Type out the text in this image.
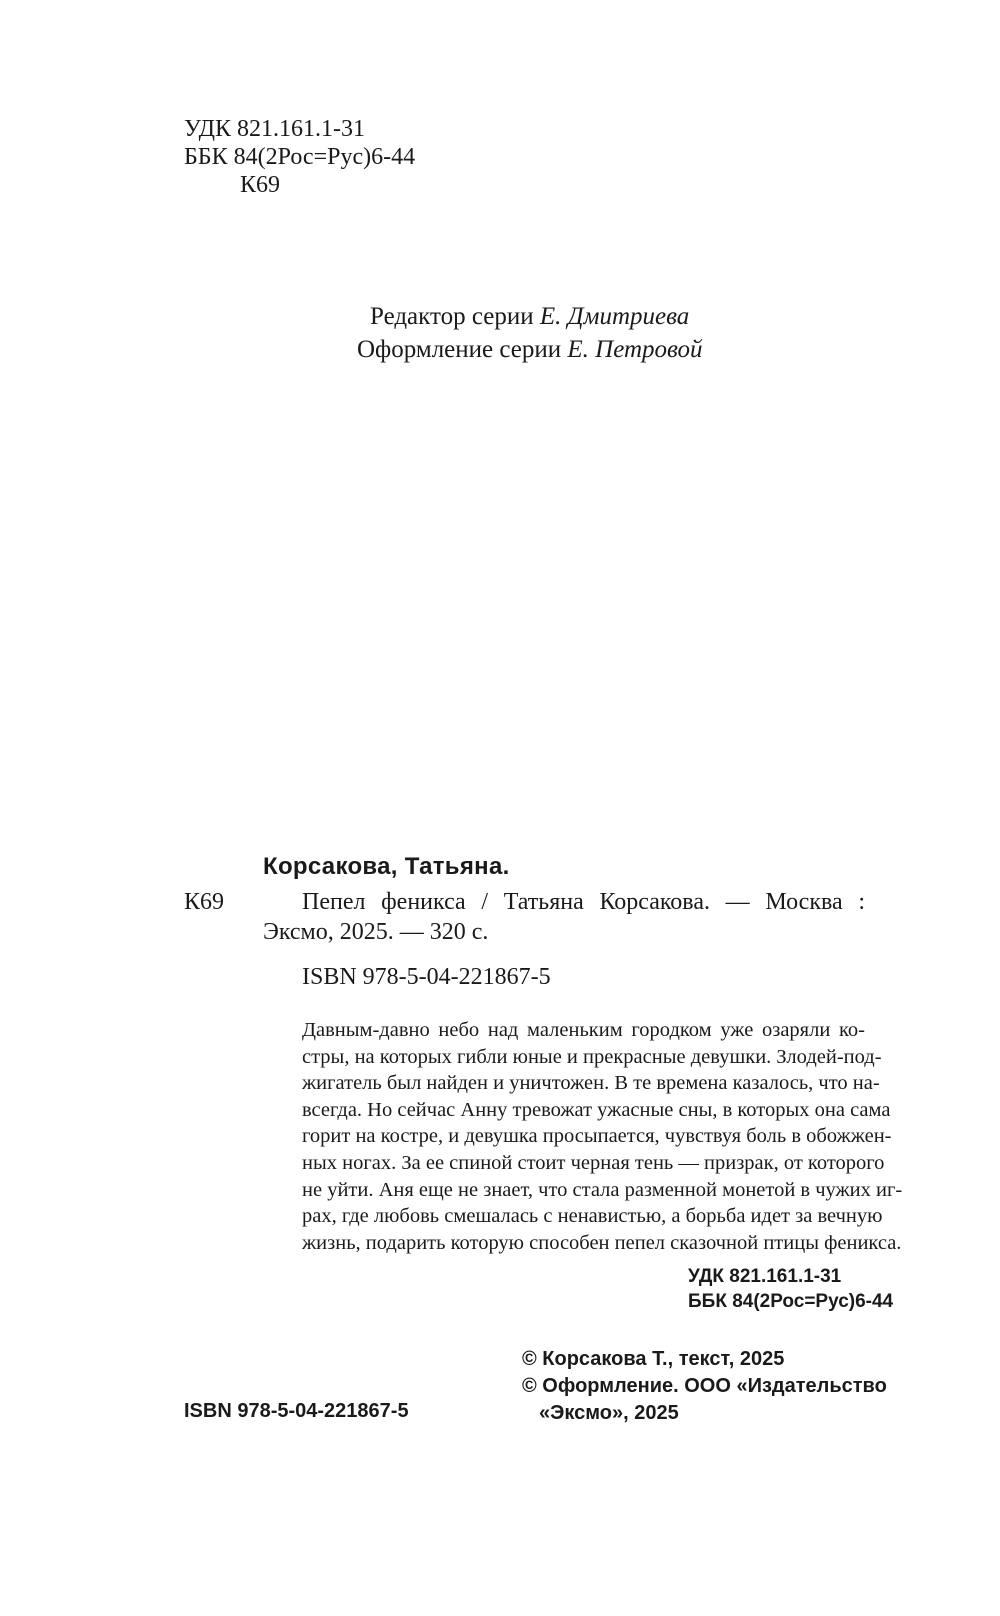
УДК 821.161.1-31
ББК 84(2Рос=Рус)6-44
К69
Редактор серии Е. Дмитриева
Оформление серии Е. Петровой
Корсакова, Татьяна.
К69	Пепел феникса / Татьяна Корсакова. — Москва :
Эксмо, 2025. — 320 с.
ISBN 978-5-04-221867-5
Давным-давно небо над маленьким городком уже озаряли ко-
стры, на которых гибли юные и прекрасные девушки. Злодей-под-
жигатель был найден и уничтожен. В те времена казалось, что на-
всегда. Но сейчас Анну тревожат ужасные сны, в которых она сама
горит на костре, и девушка просыпается, чувствуя боль в обожжен-
ных ногах. За ее спиной стоит черная тень — призрак, от которого
не уйти. Аня еще не знает, что стала разменной монетой в чужих иг-
рах, где любовь смешалась с ненавистью, а борьба идет за вечную
жизнь, подарить которую способен пепел сказочной птицы феникса.
УДК 821.161.1-31
ББК 84(2Рос=Рус)6-44
© Корсакова Т., текст, 2025
© Оформление. ООО «Издательство
«Эксмо», 2025
ISBN 978-5-04-221867-5
